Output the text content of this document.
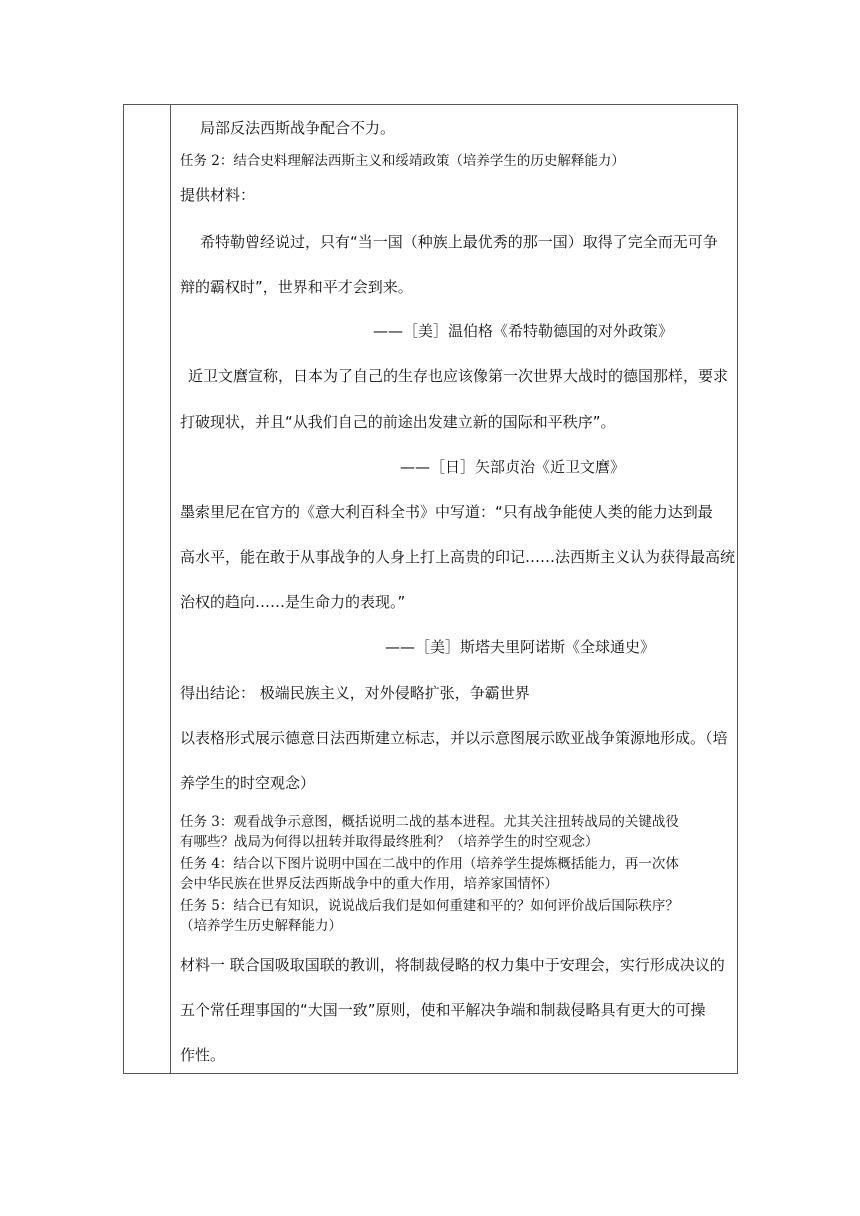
局部反法西斯战争配合不力。
任务 2：结合史料理解法西斯主义和绥靖政策（培养学生的历史解释能力）
提供材料：
希特勒曾经说过，只有“当一国（种族上最优秀的那一国）取得了完全而无可争
辩的霸权时”，世界和平才会到来。
——［美］温伯格《希特勒德国的对外政策》
近卫文麿宣称，日本为了自己的生存也应该像第一次世界大战时的德国那样，要求
打破现状，并且“从我们自己的前途出发建立新的国际和平秩序”。
——［日］矢部贞治《近卫文麿》
墨索里尼在官方的《意大利百科全书》中写道：“只有战争能使人类的能力达到最
高水平，能在敢于从事战争的人身上打上高贵的印记……法西斯主义认为获得最高统
治权的趋向……是生命力的表现。”
——［美］斯塔夫里阿诺斯《全球通史》
得出结论： 极端民族主义，对外侵略扩张，争霸世界
以表格形式展示德意日法西斯建立标志，并以示意图展示欧亚战争策源地形成。（培
养学生的时空观念）
任务 3：观看战争示意图，概括说明二战的基本进程。尤其关注扭转战局的关键战役
有哪些？战局为何得以扭转并取得最终胜利？（培养学生的时空观念）
任务 4：结合以下图片说明中国在二战中的作用（培养学生提炼概括能力，再一次体
会中华民族在世界反法西斯战争中的重大作用，培养家国情怀）
任务 5：结合已有知识，说说战后我们是如何重建和平的？如何评价战后国际秩序？
（培养学生历史解释能力）
材料一 联合国吸取国联的教训，将制裁侵略的权力集中于安理会，实行形成决议的
五个常任理事国的“大国一致”原则，使和平解决争端和制裁侵略具有更大的可操
作性。
